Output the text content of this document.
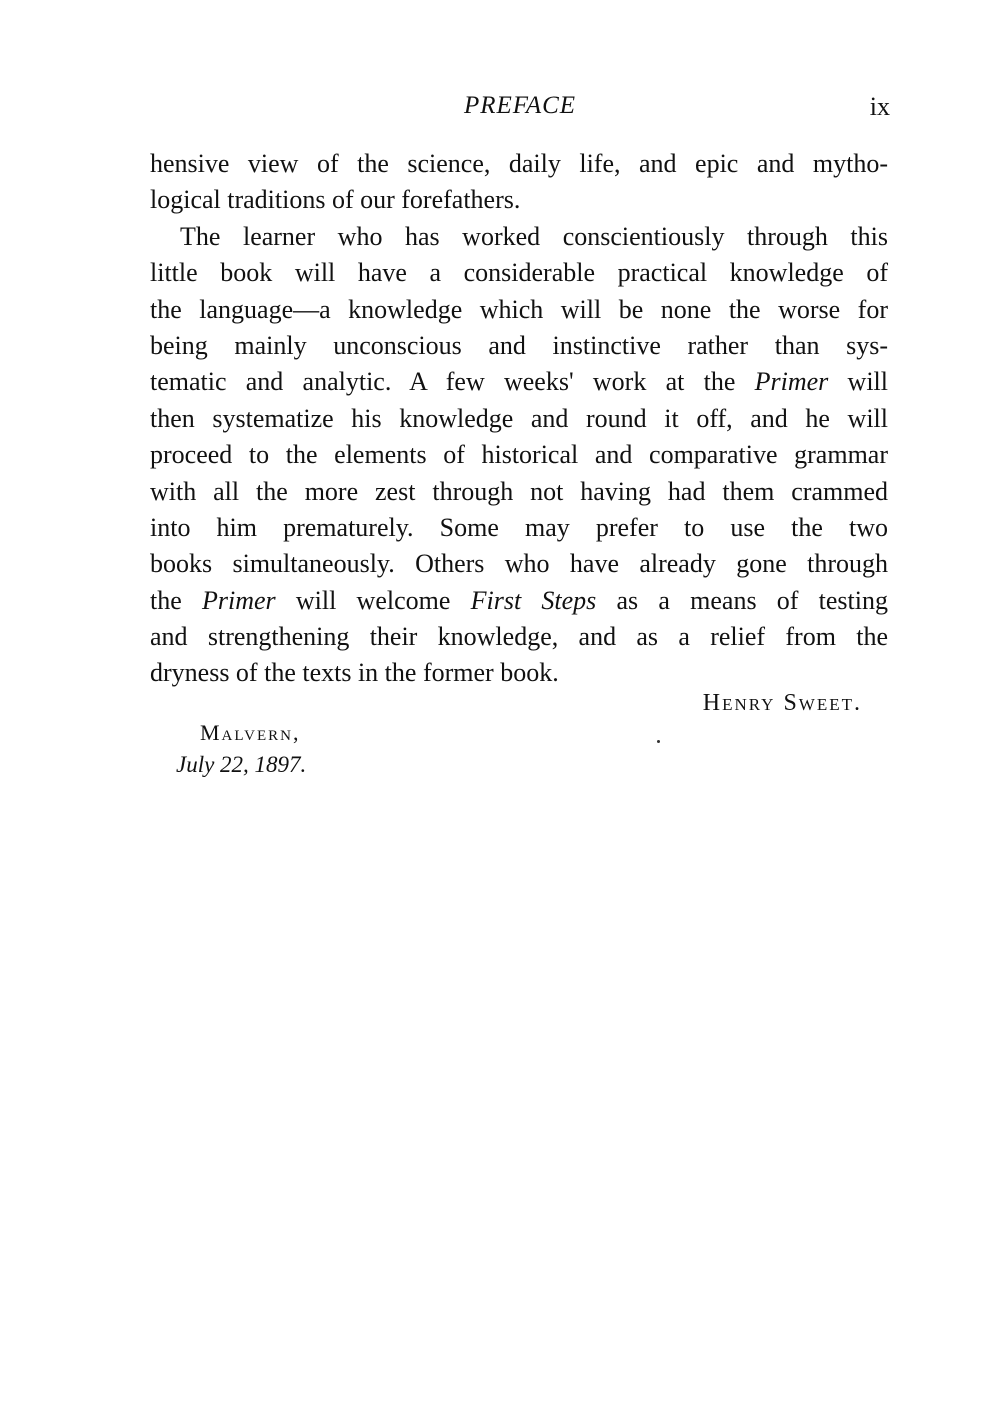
PREFACE	ix
hensive view of the science, daily life, and epic and mytho-
logical traditions of our forefathers.
The learner who has worked conscientiously through this
little book will have a considerable practical knowledge of
the language—a knowledge which will be none the worse for
being mainly unconscious and instinctive rather than sys-
tematic and analytic. A few weeks' work at the Primer will
then systematize his knowledge and round it off, and he will
proceed to the elements of historical and comparative grammar
with all the more zest through not having had them crammed
into him prematurely. Some may prefer to use the two
books simultaneously. Others who have already gone through
the Primer will welcome First Steps as a means of testing
and strengthening their knowledge, and as a relief from the
dryness of the texts in the former book.
Henry Sweet.
Malvern,
July 22, 1897.
